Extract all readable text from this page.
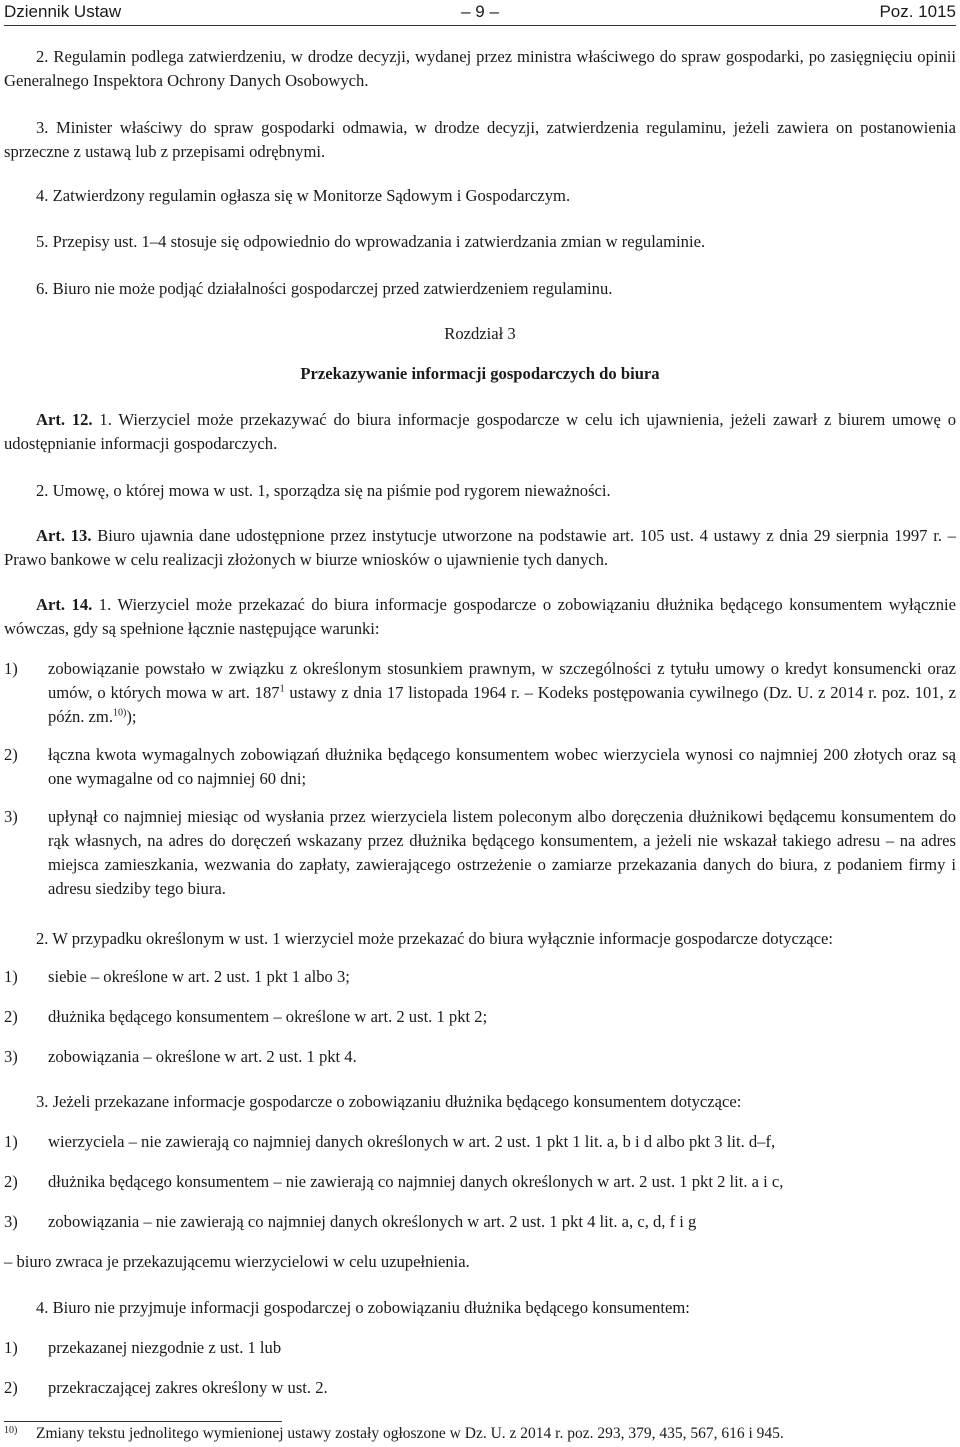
Dziennik Ustaw	– 9 –	Poz. 1015
2. Regulamin podlega zatwierdzeniu, w drodze decyzji, wydanej przez ministra właściwego do spraw gospodarki, po zasięgnięciu opinii Generalnego Inspektora Ochrony Danych Osobowych.
3. Minister właściwy do spraw gospodarki odmawia, w drodze decyzji, zatwierdzenia regulaminu, jeżeli zawiera on postanowienia sprzeczne z ustawą lub z przepisami odrębnymi.
4. Zatwierdzony regulamin ogłasza się w Monitorze Sądowym i Gospodarczym.
5. Przepisy ust. 1–4 stosuje się odpowiednio do wprowadzania i zatwierdzania zmian w regulaminie.
6. Biuro nie może podjąć działalności gospodarczej przed zatwierdzeniem regulaminu.
Rozdział 3
Przekazywanie informacji gospodarczych do biura
Art. 12. 1. Wierzyciel może przekazywać do biura informacje gospodarcze w celu ich ujawnienia, jeżeli zawarł z biurem umowę o udostępnianie informacji gospodarczych.
2. Umowę, o której mowa w ust. 1, sporządza się na piśmie pod rygorem nieważności.
Art. 13. Biuro ujawnia dane udostępnione przez instytucje utworzone na podstawie art. 105 ust. 4 ustawy z dnia 29 sierpnia 1997 r. – Prawo bankowe w celu realizacji złożonych w biurze wniosków o ujawnienie tych danych.
Art. 14. 1. Wierzyciel może przekazać do biura informacje gospodarcze o zobowiązaniu dłużnika będącego konsumentem wyłącznie wówczas, gdy są spełnione łącznie następujące warunki:
1) zobowiązanie powstało w związku z określonym stosunkiem prawnym, w szczególności z tytułu umowy o kredyt konsumencki oraz umów, o których mowa w art. $187^1$ ustawy z dnia 17 listopada 1964 r. – Kodeks postępowania cywilnego (Dz. U. z 2014 r. poz. 101, z późn. zm.$^{10)}$);
2) łączna kwota wymagalnych zobowiązań dłużnika będącego konsumentem wobec wierzyciela wynosi co najmniej 200 złotych oraz są one wymagalne od co najmniej 60 dni;
3) upłynął co najmniej miesiąc od wysłania przez wierzyciela listem poleconym albo doręczenia dłużnikowi będącemu konsumentem do rąk własnych, na adres do doręczeń wskazany przez dłużnika będącego konsumentem, a jeżeli nie wskazał takiego adresu – na adres miejsca zamieszkania, wezwania do zapłaty, zawierającego ostrzeżenie o zamiarze przekazania danych do biura, z podaniem firmy i adresu siedziby tego biura.
2. W przypadku określonym w ust. 1 wierzyciel może przekazać do biura wyłącznie informacje gospodarcze dotyczące:
1) siebie – określone w art. 2 ust. 1 pkt 1 albo 3;
2) dłużnika będącego konsumentem – określone w art. 2 ust. 1 pkt 2;
3) zobowiązania – określone w art. 2 ust. 1 pkt 4.
3. Jeżeli przekazane informacje gospodarcze o zobowiązaniu dłużnika będącego konsumentem dotyczące:
1) wierzyciela – nie zawierają co najmniej danych określonych w art. 2 ust. 1 pkt 1 lit. a, b i d albo pkt 3 lit. d–f,
2) dłużnika będącego konsumentem – nie zawierają co najmniej danych określonych w art. 2 ust. 1 pkt 2 lit. a i c,
3) zobowiązania – nie zawierają co najmniej danych określonych w art. 2 ust. 1 pkt 4 lit. a, c, d, f i g
– biuro zwraca je przekazującemu wierzycielowi w celu uzupełnienia.
4. Biuro nie przyjmuje informacji gospodarczej o zobowiązaniu dłużnika będącego konsumentem:
1) przekazanej niezgodnie z ust. 1 lub
2) przekraczającej zakres określony w ust. 2.
10) Zmiany tekstu jednolitego wymienionej ustawy zostały ogłoszone w Dz. U. z 2014 r. poz. 293, 379, 435, 567, 616 i 945.
